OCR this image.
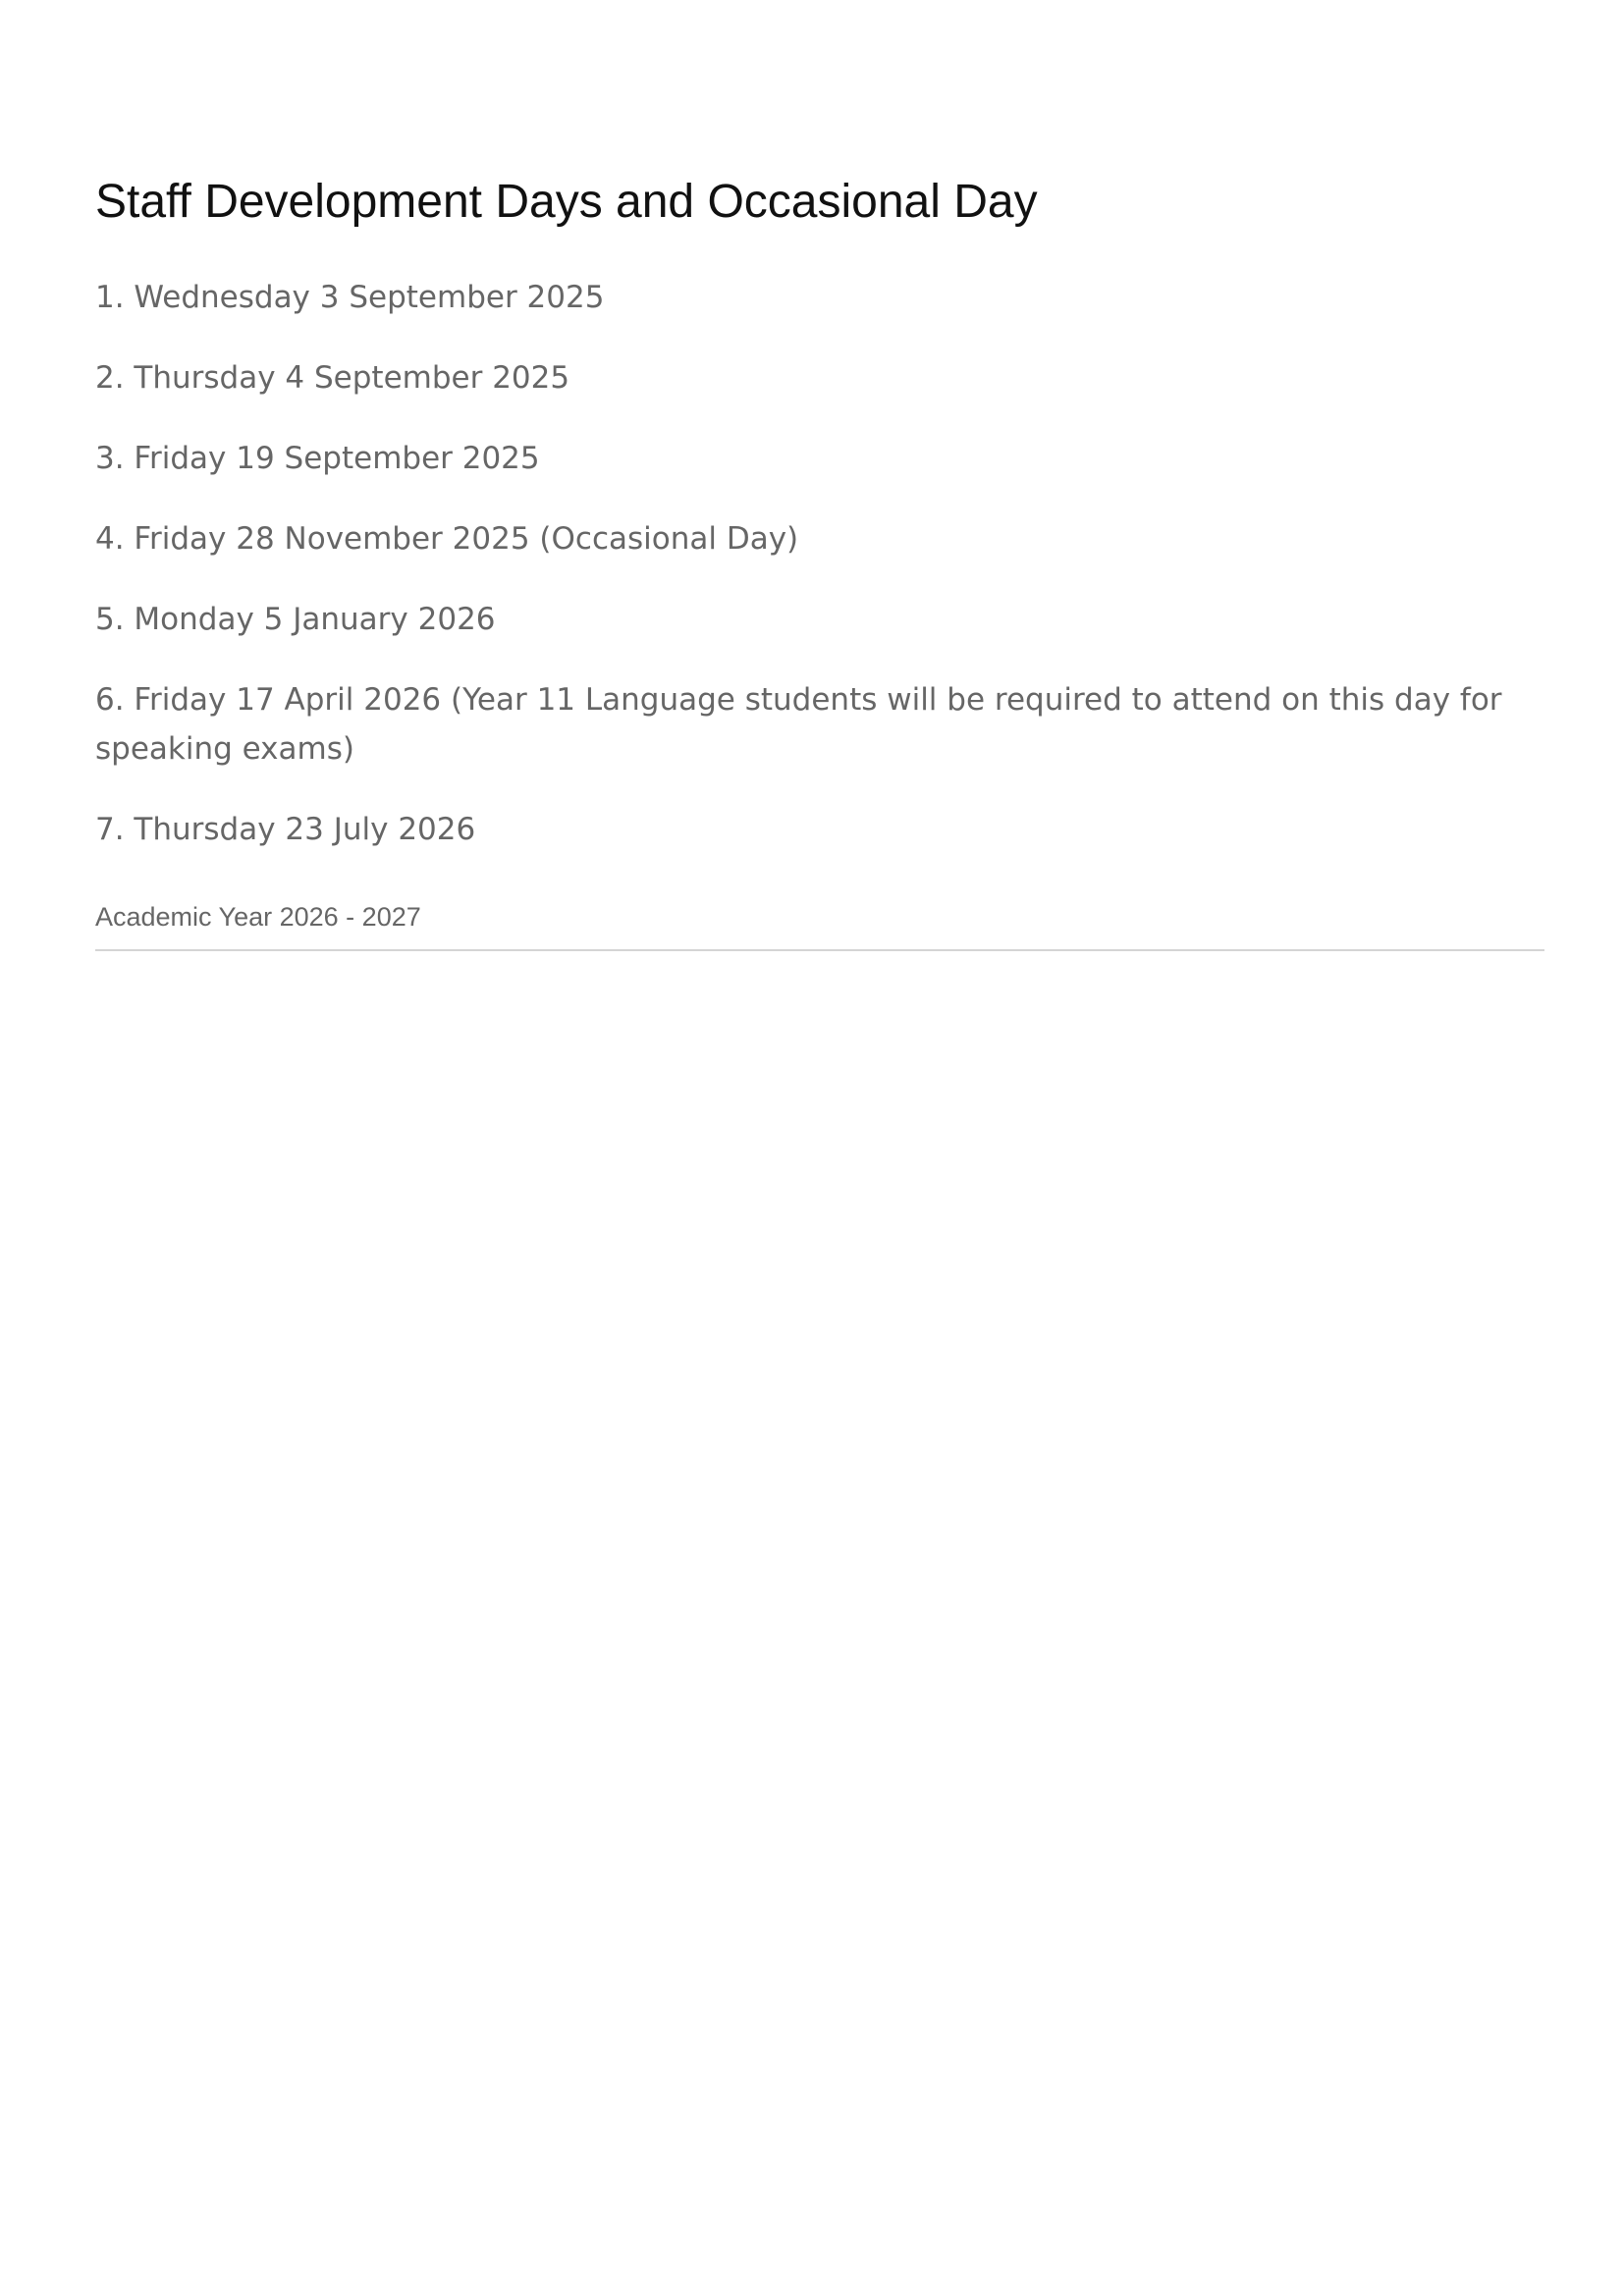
Staff Development Days and Occasional Day
1. Wednesday 3 September 2025
2. Thursday 4 September 2025
3. Friday 19 September 2025
4. Friday 28 November 2025 (Occasional Day)
5. Monday 5 January 2026
6. Friday 17 April 2026 (Year 11 Language students will be required to attend on this day for speaking exams)
7. Thursday 23 July 2026
Academic Year 2026 - 2027
